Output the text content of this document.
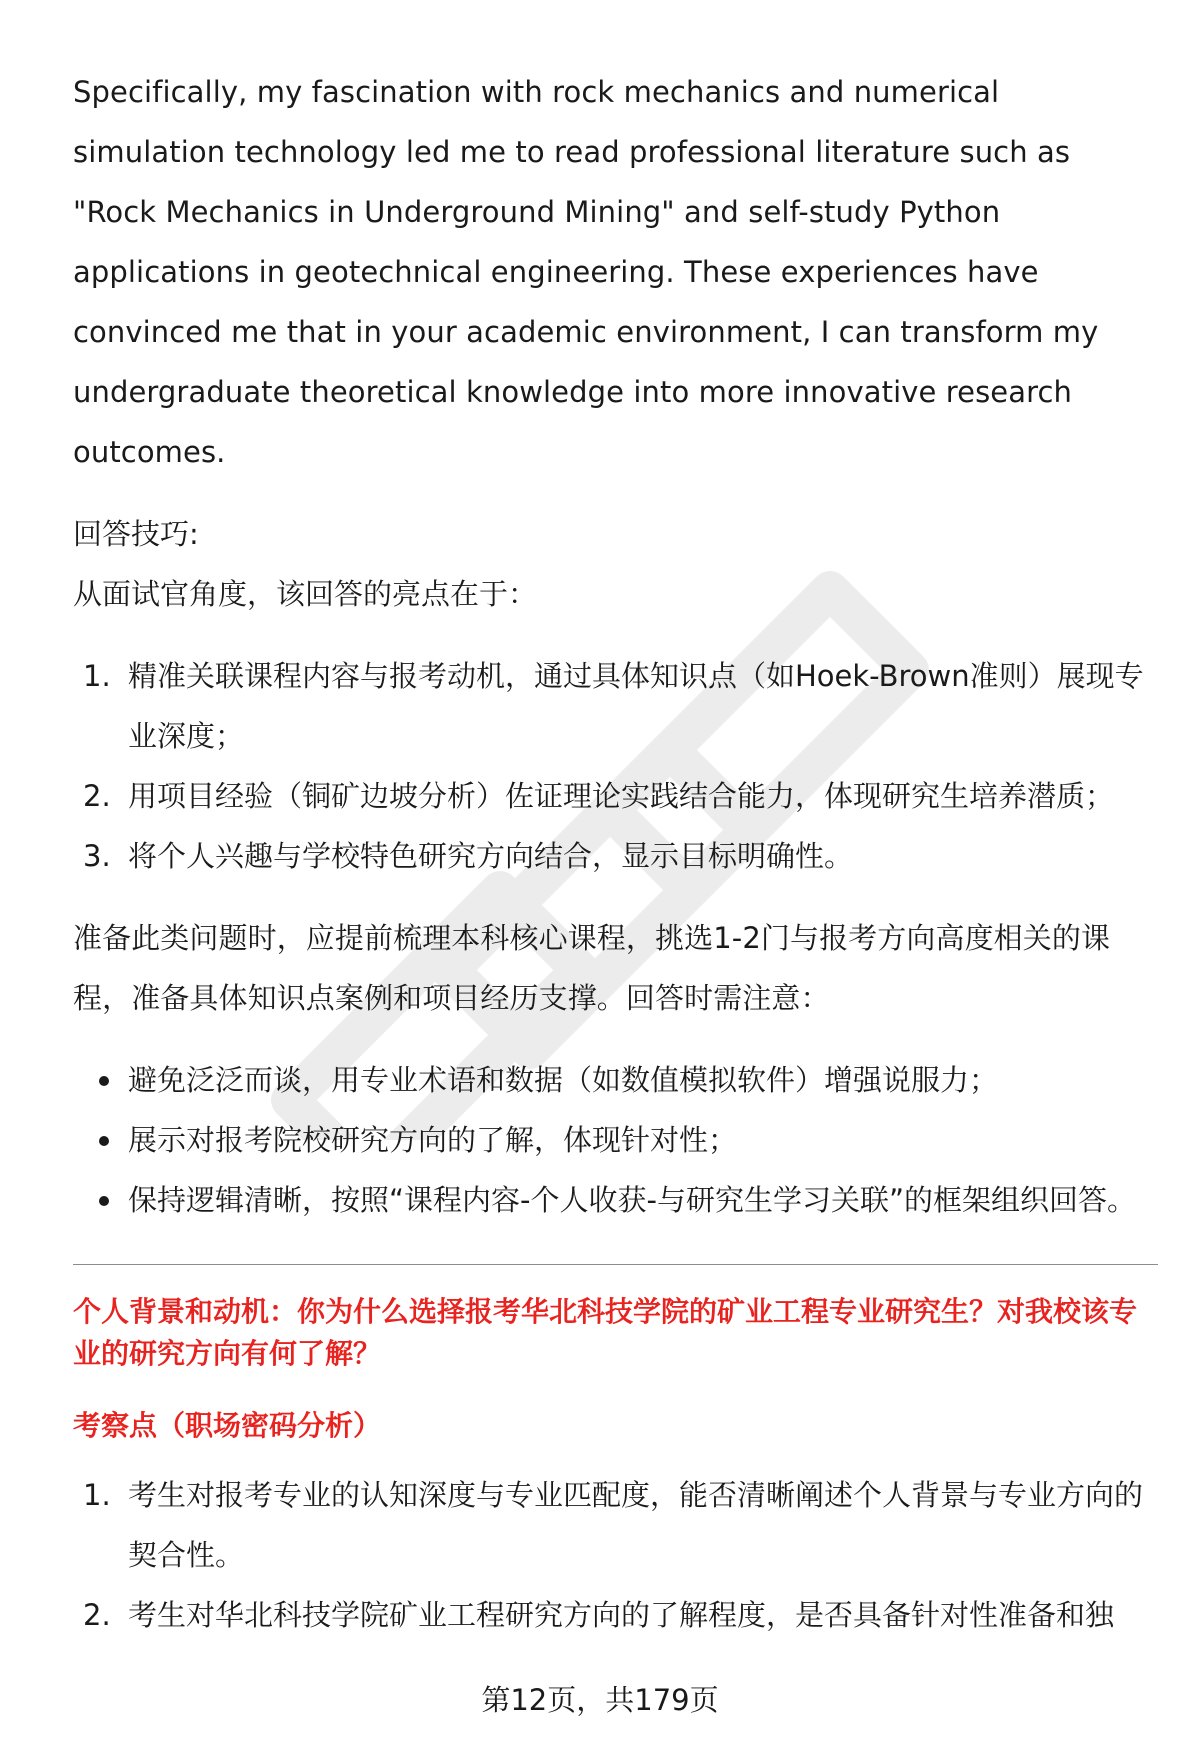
Specifically, my fascination with rock mechanics and numerical simulation technology led me to read professional literature such as "Rock Mechanics in Underground Mining" and self-study Python applications in geotechnical engineering. These experiences have convinced me that in your academic environment, I can transform my undergraduate theoretical knowledge into more innovative research outcomes.

回答技巧:

从面试官角度，该回答的亮点在于：

1. 精准关联课程内容与报考动机，通过具体知识点（如Hoek-Brown准则）展现专业深度；
2. 用项目经验（铜矿边坡分析）佐证理论实践结合能力，体现研究生培养潜质；
3. 将个人兴趣与学校特色研究方向结合，显示目标明确性。

准备此类问题时，应提前梳理本科核心课程，挑选1-2门与报考方向高度相关的课程，准备具体知识点案例和项目经历支撑。回答时需注意：

避免泛泛而谈，用专业术语和数据（如数值模拟软件）增强说服力；
展示对报考院校研究方向的了解，体现针对性；
保持逻辑清晰，按照“课程内容-个人收获-与研究生学习关联”的框架组织回答。

个人背景和动机：你为什么选择报考华北科技学院的矿业工程专业研究生？对我校该专业的研究方向有何了解？

考察点（职场密码分析）

1. 考生对报考专业的认知深度与专业匹配度，能否清晰阐述个人背景与专业方向的契合性。
2. 考生对华北科技学院矿业工程研究方向的了解程度，是否具备针对性准备和独
第12页，共179页
